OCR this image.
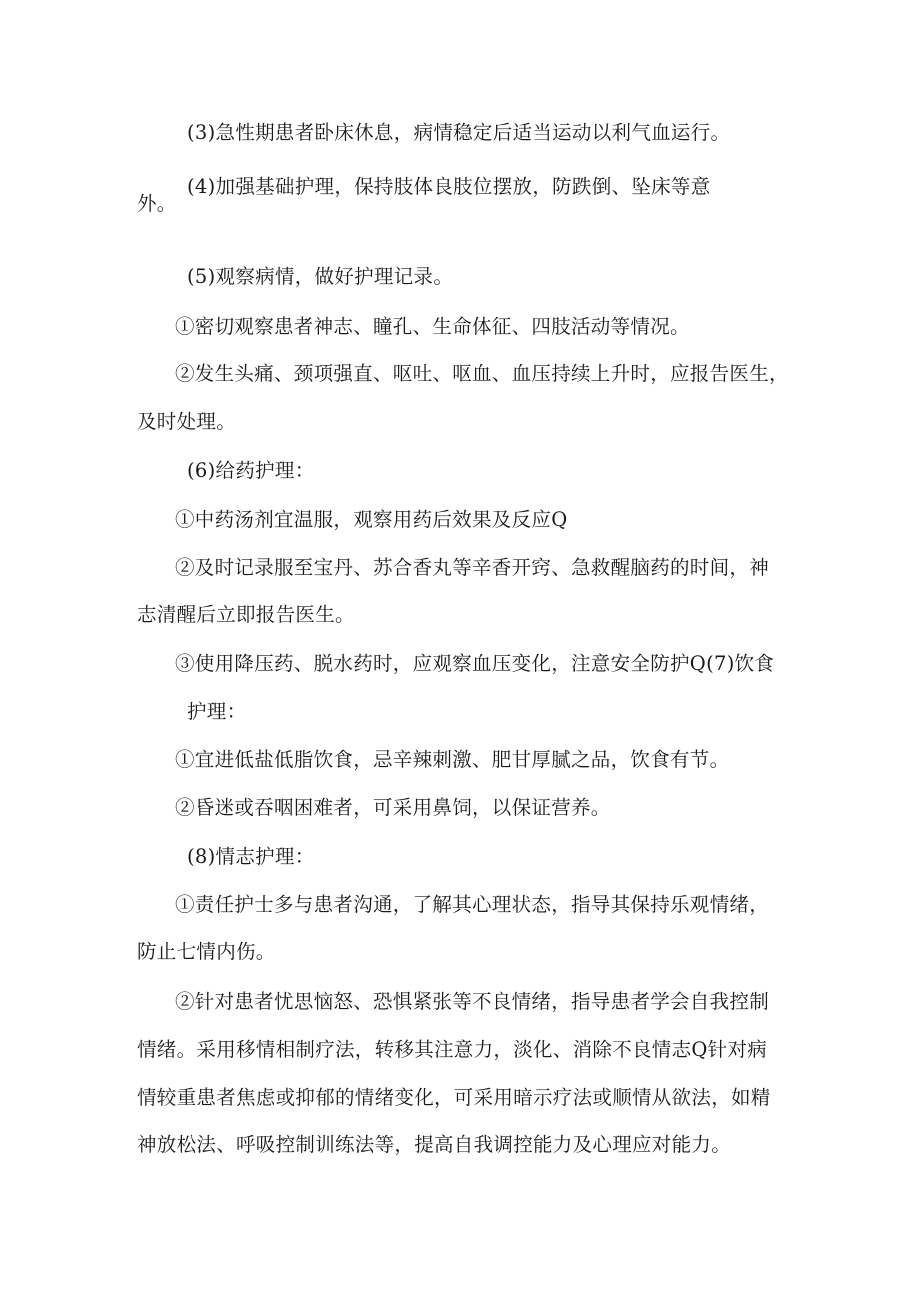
(3)急性期患者卧床休息，病情稳定后适当运动以利气血运行。
(4)加强基础护理，保持肢体良肢位摆放，防跌倒、坠床等意
外。
(5)观察病情，做好护理记录。
①密切观察患者神志、瞳孔、生命体征、四肢活动等情况。
②发生头痛、颈项强直、呕吐、呕血、血压持续上升时，应报告医生，
及时处理。
(6)给药护理：
①中药汤剂宜温服，观察用药后效果及反应Q
②及时记录服至宝丹、苏合香丸等辛香开窍、急救醒脑药的时间，神
志清醒后立即报告医生。
③使用降压药、脱水药时，应观察血压变化，注意安全防护Q(7)饮食
护理：
①宜进低盐低脂饮食，忌辛辣刺激、肥甘厚腻之品，饮食有节。
②昏迷或吞咽困难者，可采用鼻饲，以保证营养。
(8)情志护理：
①责任护士多与患者沟通，了解其心理状态，指导其保持乐观情绪，
防止七情内伤。
②针对患者忧思恼怒、恐惧紧张等不良情绪，指导患者学会自我控制
情绪。采用移情相制疗法，转移其注意力，淡化、消除不良情志Q针对病
情较重患者焦虑或抑郁的情绪变化，可采用暗示疗法或顺情从欲法，如精
神放松法、呼吸控制训练法等，提高自我调控能力及心理应对能力。
